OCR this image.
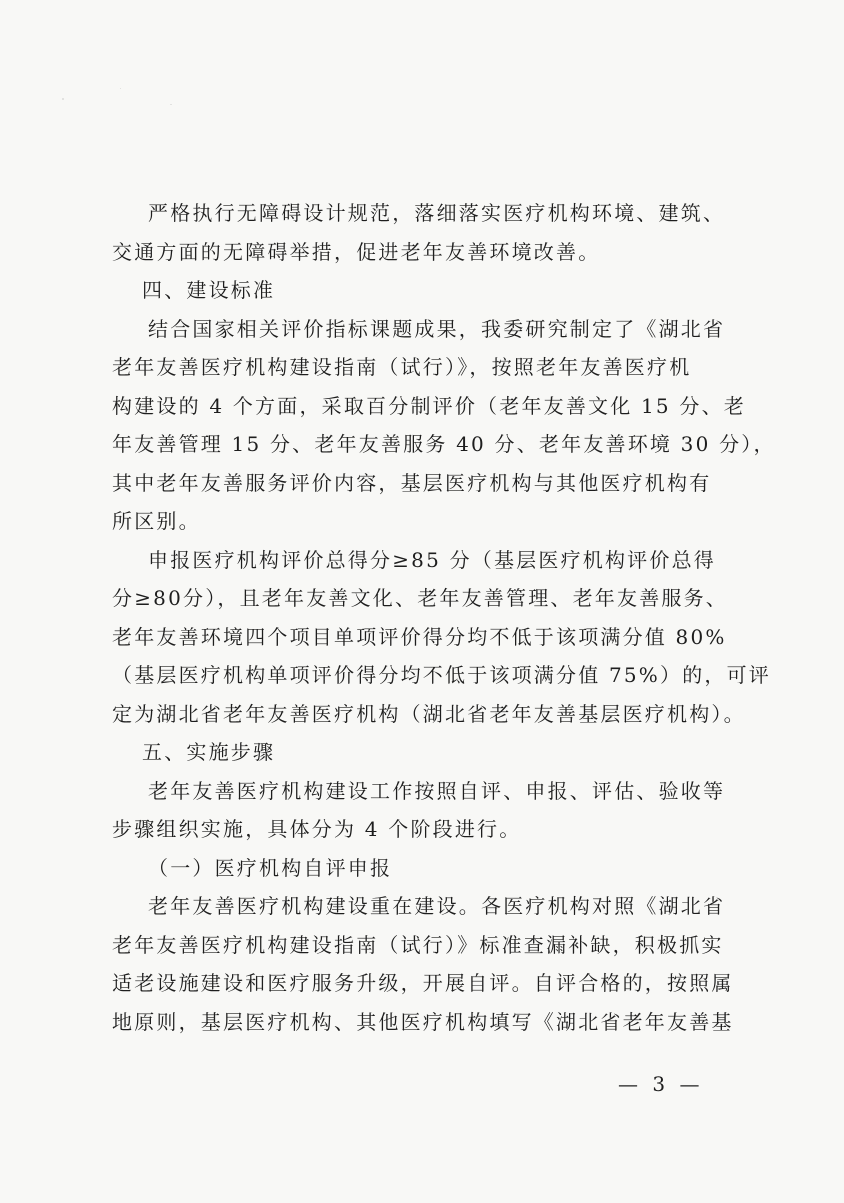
严格执行无障碍设计规范，落细落实医疗机构环境、建筑、
交通方面的无障碍举措，促进老年友善环境改善。
四、建设标准
结合国家相关评价指标课题成果，我委研究制定了《湖北省
老年友善医疗机构建设指南（试行）》，按照老年友善医疗机
构建设的 4 个方面，采取百分制评价（老年友善文化 15 分、老
年友善管理 15 分、老年友善服务 40 分、老年友善环境 30 分），
其中老年友善服务评价内容，基层医疗机构与其他医疗机构有
所区别。
申报医疗机构评价总得分≥85 分（基层医疗机构评价总得
分≥80分），且老年友善文化、老年友善管理、老年友善服务、
老年友善环境四个项目单项评价得分均不低于该项满分值 80%
（基层医疗机构单项评价得分均不低于该项满分值 75%）的，可评
定为湖北省老年友善医疗机构（湖北省老年友善基层医疗机构）。
五、实施步骤
老年友善医疗机构建设工作按照自评、申报、评估、验收等
步骤组织实施，具体分为 4 个阶段进行。
（一）医疗机构自评申报
老年友善医疗机构建设重在建设。各医疗机构对照《湖北省
老年友善医疗机构建设指南（试行）》标准查漏补缺，积极抓实
适老设施建设和医疗服务升级，开展自评。自评合格的，按照属
地原则，基层医疗机构、其他医疗机构填写《湖北省老年友善基
— 3 —
